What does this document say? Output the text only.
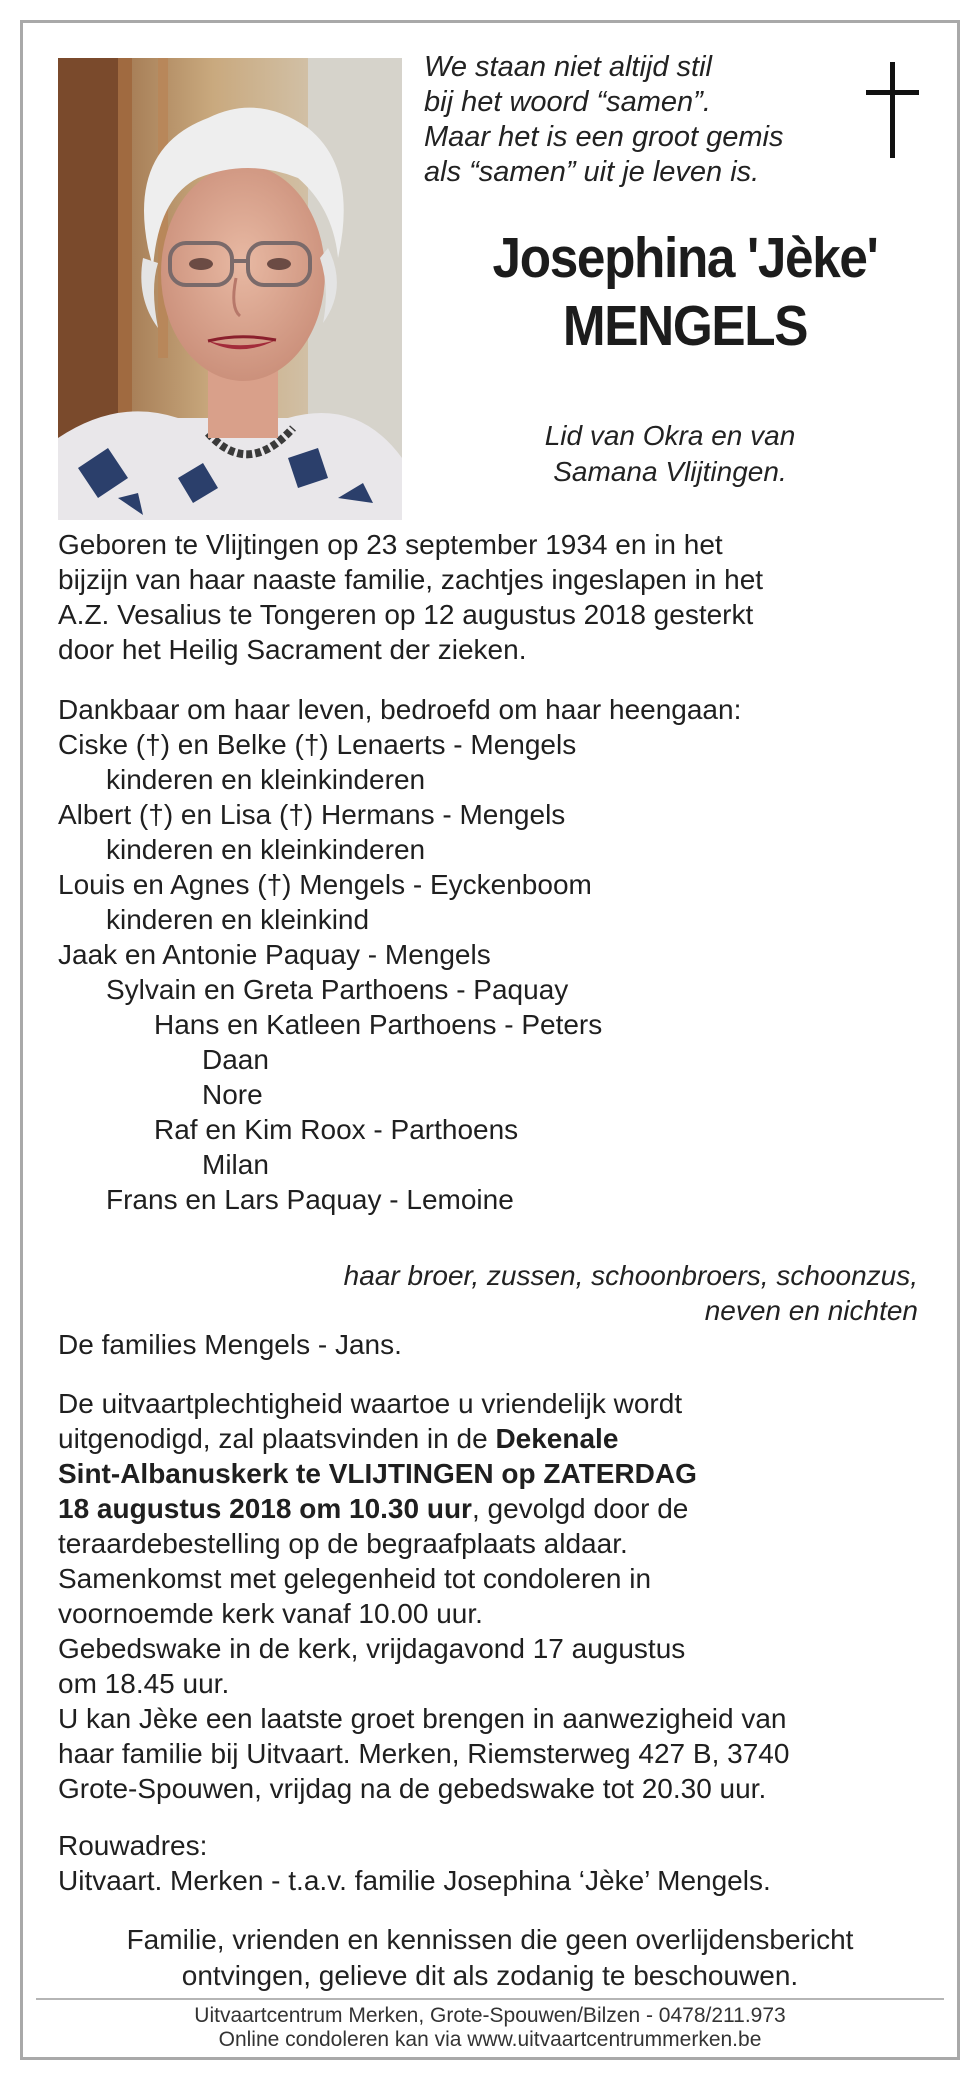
We staan niet altijd stil
bij het woord “samen”.
Maar het is een groot gemis
als “samen” uit je leven is.
Josephina 'Jèke'
MENGELS
Lid van Okra en van
Samana Vlijtingen.
Geboren te Vlijtingen op 23 september 1934 en in het
bijzijn van haar naaste familie, zachtjes ingeslapen in het
A.Z. Vesalius te Tongeren op 12 augustus 2018 gesterkt
door het Heilig Sacrament der zieken.
Dankbaar om haar leven, bedroefd om haar heengaan:
Ciske (†) en Belke (†) Lenaerts - Mengels
kinderen en kleinkinderen
Albert (†) en Lisa (†) Hermans - Mengels
kinderen en kleinkinderen
Louis en Agnes (†) Mengels - Eyckenboom
kinderen en kleinkind
Jaak en Antonie Paquay - Mengels
Sylvain en Greta Parthoens - Paquay
Hans en Katleen Parthoens - Peters
Daan
Nore
Raf en Kim Roox - Parthoens
Milan
Frans en Lars Paquay - Lemoine
haar broer, zussen, schoonbroers, schoonzus,
neven en nichten
De families Mengels - Jans.
De uitvaartplechtigheid waartoe u vriendelijk wordt
uitgenodigd, zal plaatsvinden in de Dekenale
Sint-Albanuskerk te VLIJTINGEN op ZATERDAG
18 augustus 2018 om 10.30 uur, gevolgd door de
teraardebestelling op de begraafplaats aldaar.
Samenkomst met gelegenheid tot condoleren in
voornoemde kerk vanaf 10.00 uur.
Gebedswake in de kerk, vrijdagavond 17 augustus
om 18.45 uur.
U kan Jèke een laatste groet brengen in aanwezigheid van
haar familie bij Uitvaart. Merken, Riemsterweg 427 B, 3740
Grote-Spouwen, vrijdag na de gebedswake tot 20.30 uur.
Rouwadres:
Uitvaart. Merken - t.a.v. familie Josephina ‘Jèke’ Mengels.
Familie, vrienden en kennissen die geen overlijdensbericht
ontvingen, gelieve dit als zodanig te beschouwen.
Uitvaartcentrum Merken, Grote-Spouwen/Bilzen - 0478/211.973
Online condoleren kan via www.uitvaartcentrummerken.be
